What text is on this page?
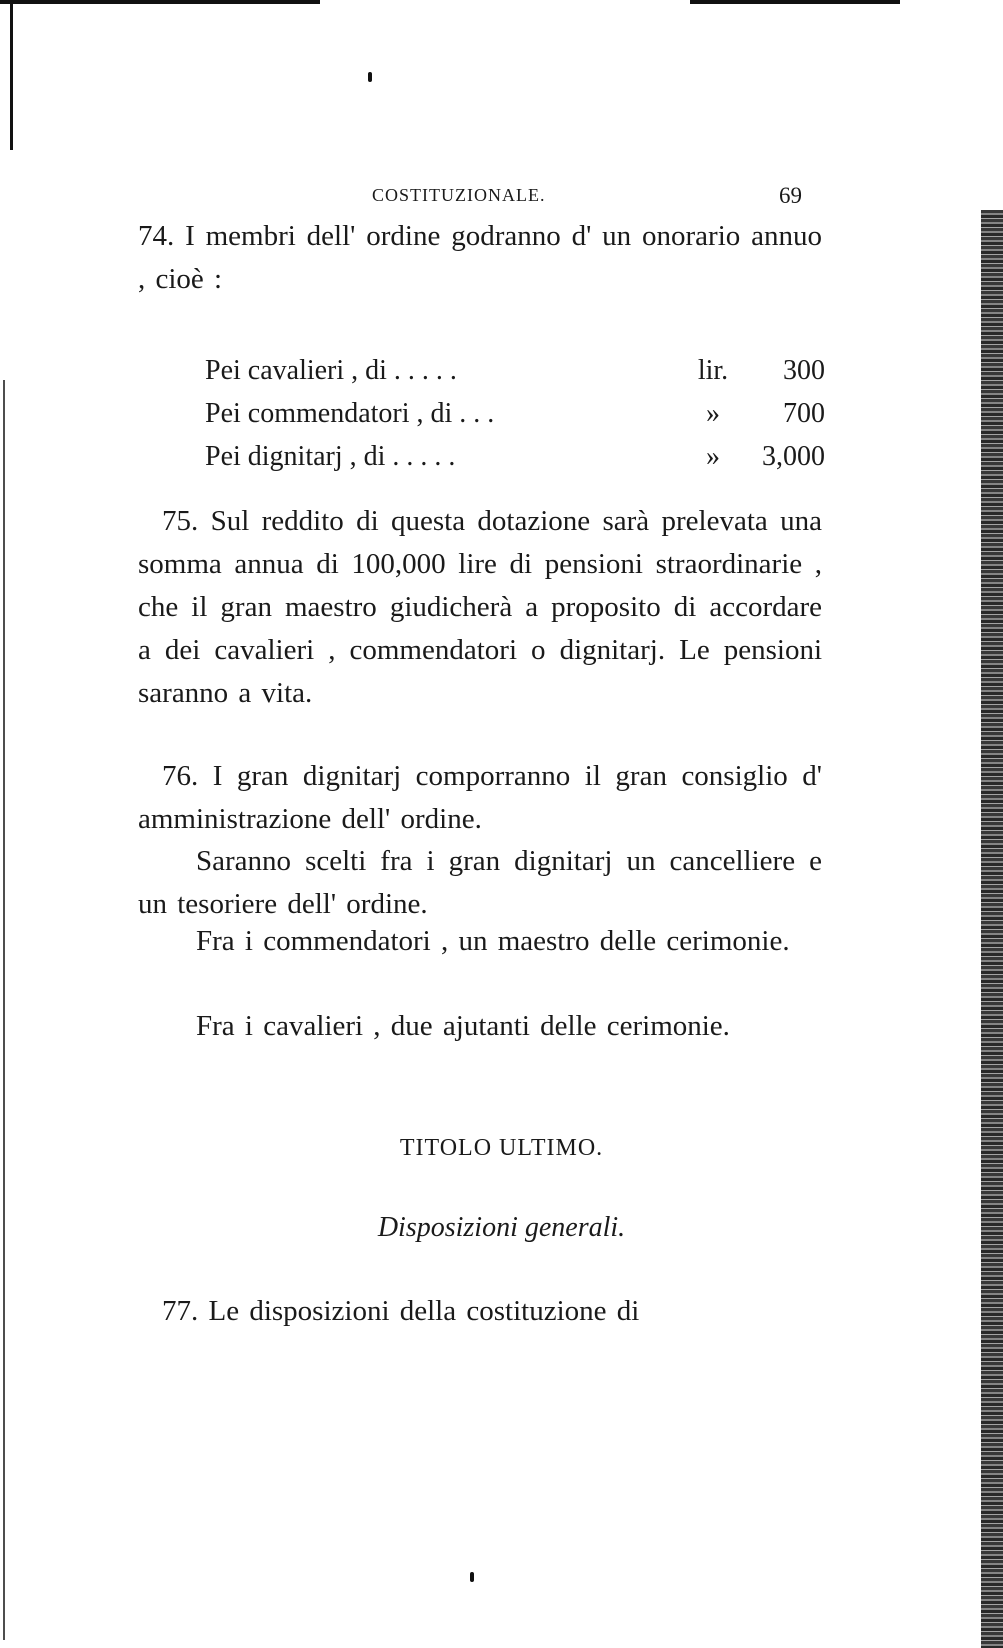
COSTITUZIONALE.	69

74. I membri dell' ordine godranno d' un onorario annuo , cioè :

Pei cavalieri , di . . . . .	lir. 300
Pei commendatori , di . . .	»	700
Pei dignitarj , di . . . . .	»	3,000

75. Sul reddito di questa dotazione sarà prelevata una somma annua di 100,000 lire di pensioni straordinarie , che il gran maestro giudicherà a proposito di accordare a dei cavalieri , commendatori o dignitarj. Le pensioni saranno a vita.

76. I gran dignitarj comporranno il gran consiglio d' amministrazione dell' ordine.

Saranno scelti fra i gran dignitarj un cancelliere e un tesoriere dell' ordine.

Fra i commendatori , un maestro delle cerimonie.

Fra i cavalieri , due ajutanti delle cerimonie.

TITOLO ULTIMO.
Disposizioni generali.

77. Le disposizioni della costituzione di
